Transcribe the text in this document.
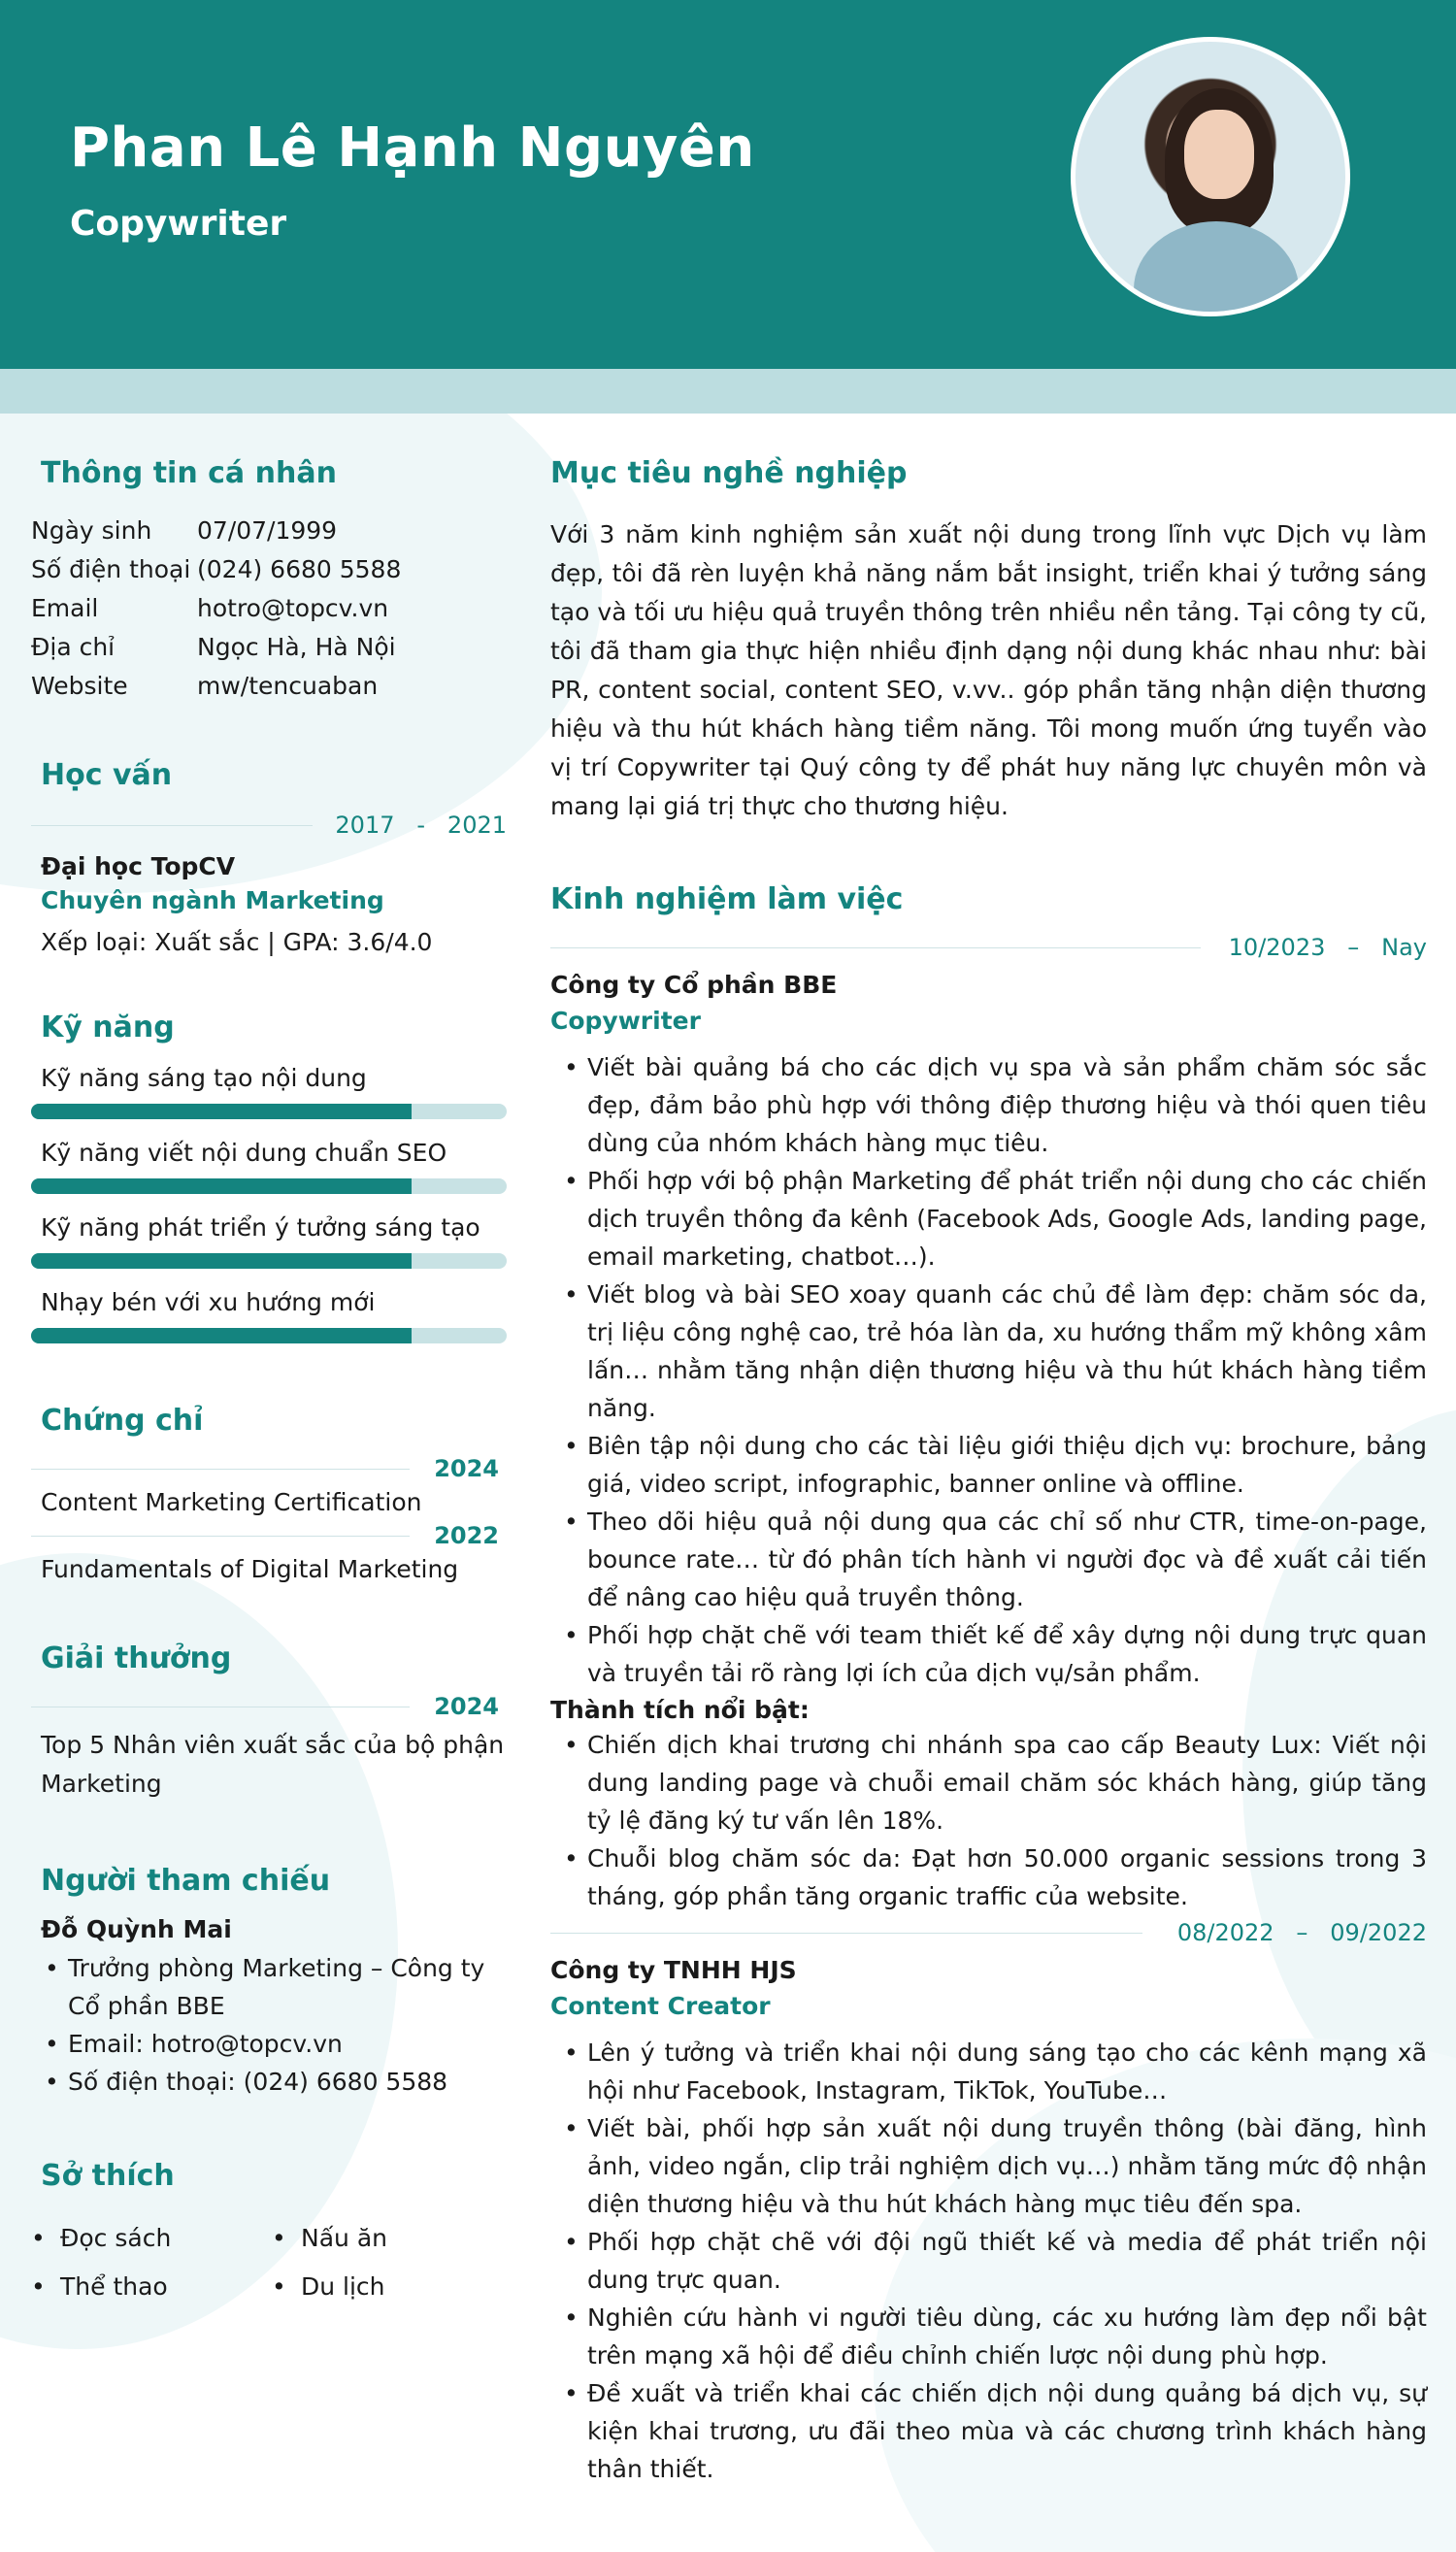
Phan Lê Hạnh Nguyên
Copywriter
Thông tin cá nhân
Ngày sinh	07/07/1999
Số điện thoại (024) 6680 5588
Email	hotro@topcv.vn
Địa chỉ	Ngọc Hà, Hà Nội
Website	mw/tencuaban
Học vấn
2017   -   2021
Đại học TopCV
Chuyên ngành Marketing
Xếp loại: Xuất sắc | GPA: 3.6/4.0
Kỹ năng
Kỹ năng sáng tạo nội dung
Kỹ năng viết nội dung chuẩn SEO
Kỹ năng phát triển ý tưởng sáng tạo
Nhạy bén với xu hướng mới
Chứng chỉ
2024
Content Marketing Certification
2022
Fundamentals of Digital Marketing
Giải thưởng
2024
Top 5 Nhân viên xuất sắc của bộ phận Marketing
Người tham chiếu
Đỗ Quỳnh Mai
• Trưởng phòng Marketing – Công ty Cổ phần BBE
• Email: hotro@topcv.vn
• Số điện thoại: (024) 6680 5588
Sở thích
• Đọc sách	• Nấu ăn
• Thể thao	• Du lịch
Mục tiêu nghề nghiệp
Với 3 năm kinh nghiệm sản xuất nội dung trong lĩnh vực Dịch vụ làm đẹp, tôi đã rèn luyện khả năng nắm bắt insight, triển khai ý tưởng sáng tạo và tối ưu hiệu quả truyền thông trên nhiều nền tảng. Tại công ty cũ, tôi đã tham gia thực hiện nhiều định dạng nội dung khác nhau như: bài PR, content social, content SEO, v.vv.. góp phần tăng nhận diện thương hiệu và thu hút khách hàng tiềm năng. Tôi mong muốn ứng tuyển vào vị trí Copywriter tại Quý công ty để phát huy năng lực chuyên môn và mang lại giá trị thực cho thương hiệu.
Kinh nghiệm làm việc
10/2023   –   Nay
Công ty Cổ phần BBE
Copywriter
• Viết bài quảng bá cho các dịch vụ spa và sản phẩm chăm sóc sắc đẹp, đảm bảo phù hợp với thông điệp thương hiệu và thói quen tiêu dùng của nhóm khách hàng mục tiêu.
• Phối hợp với bộ phận Marketing để phát triển nội dung cho các chiến dịch truyền thông đa kênh (Facebook Ads, Google Ads, landing page, email marketing, chatbot…).
• Viết blog và bài SEO xoay quanh các chủ đề làm đẹp: chăm sóc da, trị liệu công nghệ cao, trẻ hóa làn da, xu hướng thẩm mỹ không xâm lấn… nhằm tăng nhận diện thương hiệu và thu hút khách hàng tiềm năng.
• Biên tập nội dung cho các tài liệu giới thiệu dịch vụ: brochure, bảng giá, video script, infographic, banner online và offline.
• Theo dõi hiệu quả nội dung qua các chỉ số như CTR, time-on-page, bounce rate… từ đó phân tích hành vi người đọc và đề xuất cải tiến để nâng cao hiệu quả truyền thông.
• Phối hợp chặt chẽ với team thiết kế để xây dựng nội dung trực quan và truyền tải rõ ràng lợi ích của dịch vụ/sản phẩm.
Thành tích nổi bật:
• Chiến dịch khai trương chi nhánh spa cao cấp Beauty Lux: Viết nội dung landing page và chuỗi email chăm sóc khách hàng, giúp tăng tỷ lệ đăng ký tư vấn lên 18%.
• Chuỗi blog chăm sóc da: Đạt hơn 50.000 organic sessions trong 3 tháng, góp phần tăng organic traffic của website.
08/2022   –   09/2022
Công ty TNHH HJS
Content Creator
• Lên ý tưởng và triển khai nội dung sáng tạo cho các kênh mạng xã hội như Facebook, Instagram, TikTok, YouTube…
• Viết bài, phối hợp sản xuất nội dung truyền thông (bài đăng, hình ảnh, video ngắn, clip trải nghiệm dịch vụ…) nhằm tăng mức độ nhận diện thương hiệu và thu hút khách hàng mục tiêu đến spa.
• Phối hợp chặt chẽ với đội ngũ thiết kế và media để phát triển nội dung trực quan.
• Nghiên cứu hành vi người tiêu dùng, các xu hướng làm đẹp nổi bật trên mạng xã hội để điều chỉnh chiến lược nội dung phù hợp.
• Đề xuất và triển khai các chiến dịch nội dung quảng bá dịch vụ, sự kiện khai trương, ưu đãi theo mùa và các chương trình khách hàng thân thiết.
